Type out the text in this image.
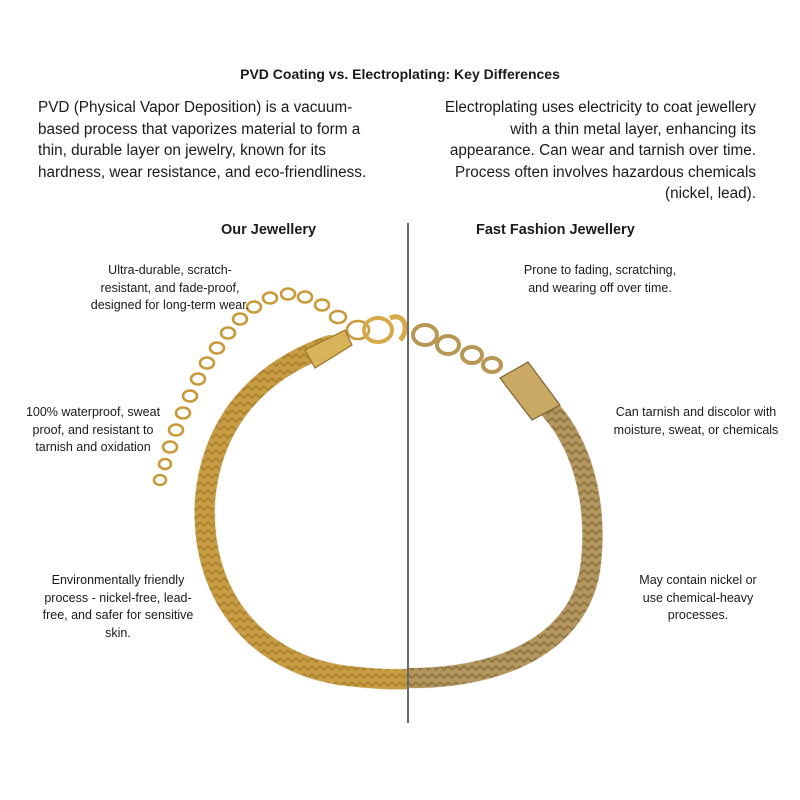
PVD Coating vs. Electroplating: Key Differences

PVD (Physical Vapor Deposition) is a vacuum-based process that vaporizes material to form a thin, durable layer on jewelry, known for its hardness, wear resistance, and eco-friendliness.

Electroplating uses electricity to coat jewellery with a thin metal layer, enhancing its appearance. Can wear and tarnish over time. Process often involves hazardous chemicals (nickel, lead).

Our Jewellery	Fast Fashion Jewellery

Ultra-durable, scratch-resistant, and fade-proof, designed for long-term wear.

100% waterproof, sweat proof, and resistant to tarnish and oxidation

Environmentally friendly process - nickel-free, lead-free, and safer for sensitive skin.

Prone to fading, scratching, and wearing off over time.

Can tarnish and discolor with moisture, sweat, or chemicals

May contain nickel or use chemical-heavy processes.
